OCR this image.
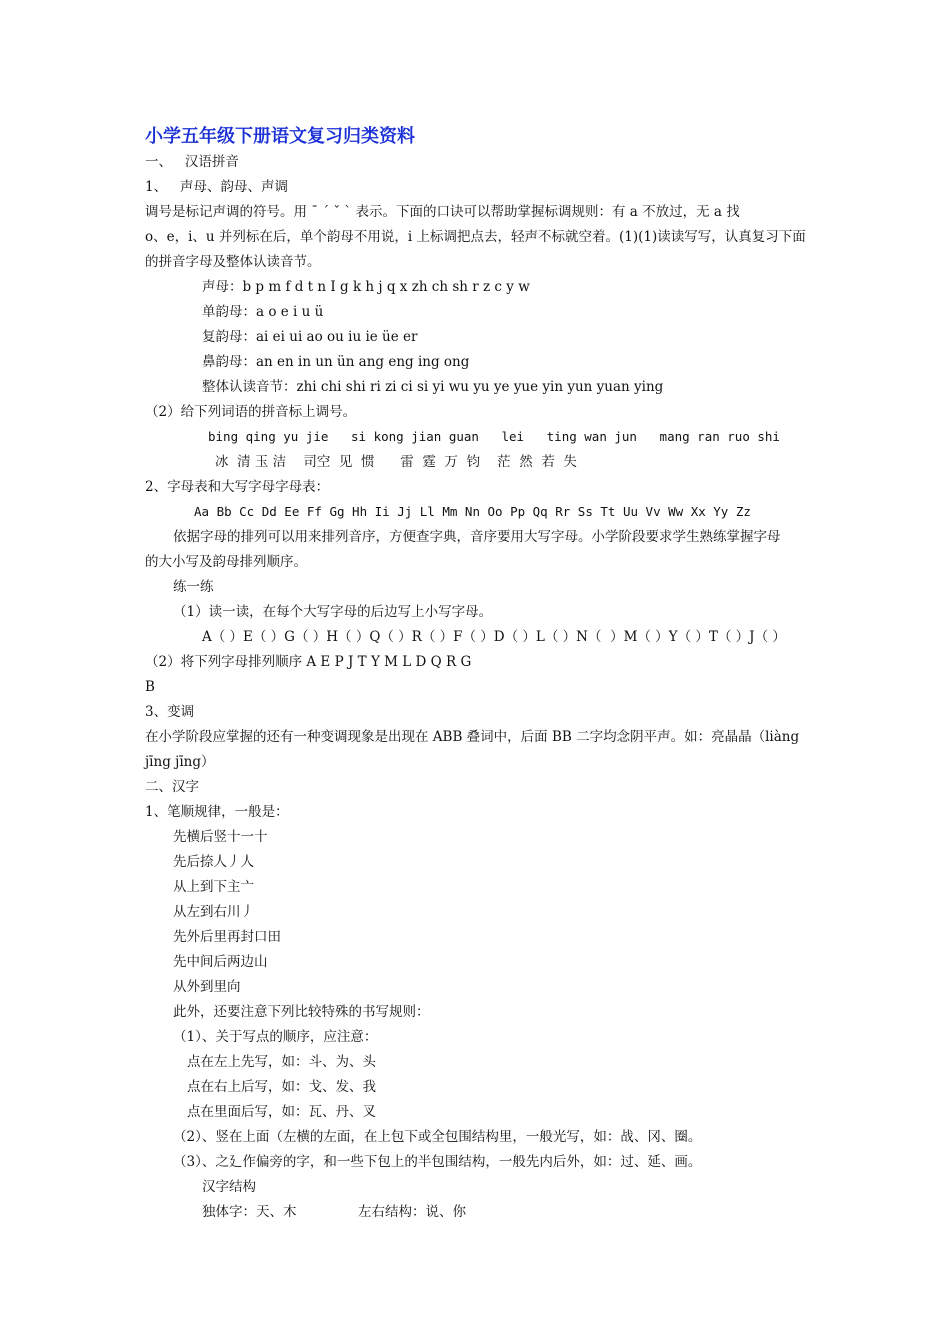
小学五年级下册语文复习归类资料
一、   汉语拼音
1、   声母、韵母、声调
调号是标记声调的符号。用 ˉ ˊ ˇ ˋ 表示。下面的口诀可以帮助掌握标调规则：有 a 不放过，无 a 找
o、e，i、u 并列标在后，单个韵母不用说，i 上标调把点去，轻声不标就空着。(1)(1)读读写写，认真复习下面
的拼音字母及整体认读音节。
声母：b p m f d t n I g k h j q x zh ch sh r z c y w
单韵母：a o e i u ü
复韵母：ai ei ui ao ou iu ie üe er
鼻韵母：an en in un ün ang eng ing ong
整体认读音节：zhi chi shi ri zi ci si yi wu yu ye yue yin yun yuan ying
（2）给下列词语的拼音标上调号。
bing qing yu jie   si kong jian guan   lei   ting wan jun   mang ran ruo shi
冰  清 玉 洁    司空  见  惯      雷  霆  万  钧    茫  然  若  失
2、字母表和大写字母字母表：
Aa Bb Cc Dd Ee Ff Gg Hh Ii Jj Ll Mm Nn Oo Pp Qq Rr Ss Tt Uu Vv Ww Xx Yy Zz
依据字母的排列可以用来排列音序，方便查字典，音序要用大写字母。小学阶段要求学生熟练掌握字母
的大小写及韵母排列顺序。
练一练
（1）读一读，在每个大写字母的后边写上小写字母。
A（ ）E（ ）G（ ）H（ ）Q（ ）R（ ）F（ ）D（ ）L（ ）N（  ）M（ ）Y（ ）T（ ）J（ ）
（2）将下列字母排列顺序 A E P J T Y M L D Q R G
B
3、变调
在小学阶段应掌握的还有一种变调现象是出现在 ABB 叠词中，后面 BB 二字均念阴平声。如：亮晶晶（liàng
jīng jīng）
二、汉字
1、笔顺规律，一般是：
先横后竖十一十
先后捺人丿人
从上到下主亠
从左到右川丿
先外后里再封口田
先中间后两边山
从外到里向
此外，还要注意下列比较特殊的书写规则：
（1）、关于写点的顺序，应注意：
点在左上先写，如：斗、为、头
点在右上后写，如：戈、发、我
点在里面后写，如：瓦、丹、叉
（2）、竖在上面（左横的左面，在上包下或全包围结构里，一般光写，如：战、冈、圈。
（3）、之廴作偏旁的字，和一些下包上的半包围结构，一般先内后外，如：过、延、画。
汉字结构
独体字：天、木	左右结构：说、你
